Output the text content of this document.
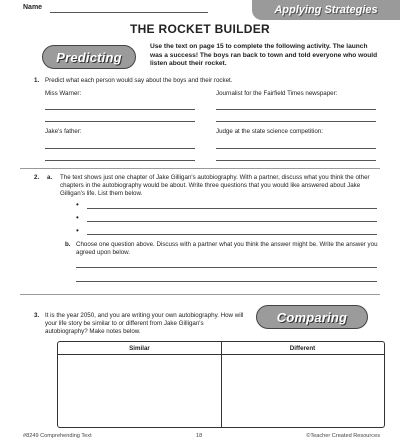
Name	Applying Strategies
THE ROCKET BUILDER
Predicting
Use the text on page 15 to complete the following activity. The launch was a success! The boys ran back to town and told everyone who would listen about their rocket.
1. Predict what each person would say about the boys and their rocket.
Miss Warner:	Journalist for the Fairfield Times newspaper:
Jake's father:	Judge at the state science competition:
2. a. The text shows just one chapter of Jake Gilligan's autobiography. With a partner, discuss what you think the other chapters in the autobiography would be about. Write three questions that you would like answered about Jake Gilligan's life. List them below.
•
•
•
b. Choose one question above. Discuss with a partner what you think the answer might be. Write the answer you agreed upon below.
3. It is the year 2050, and you are writing your own autobiography. How will your life story be similar to or different from Jake Gilligan's autobiography? Make notes below.
Comparing
Similar	Different
#8249 Comprehending Text	18	©Teacher Created Resources
